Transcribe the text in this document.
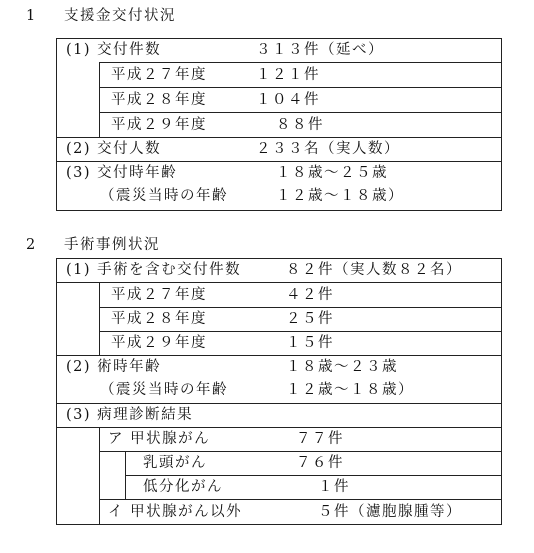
1 支援金交付状況
(1) 交付件数	３１３件（延べ）
平成２７年度	１２１件
平成２８年度	１０４件
平成２９年度	８８件
(2) 交付人数	２３３名（実人数）
(3) 交付時年齢	１８歳～２５歳
（震災当時の年齢	１２歳～１８歳）
2 手術事例状況
(1) 手術を含む交付件数	８２件（実人数８２名）
平成２７年度	４２件
平成２８年度	２５件
平成２９年度	１５件
(2) 術時年齢	１８歳～２３歳
（震災当時の年齢	１２歳～１８歳）
(3) 病理診断結果
ア 甲状腺がん	７７件
乳頭がん	７６件
低分化がん	１件
イ 甲状腺がん以外	５件（濾胞腺腫等）
